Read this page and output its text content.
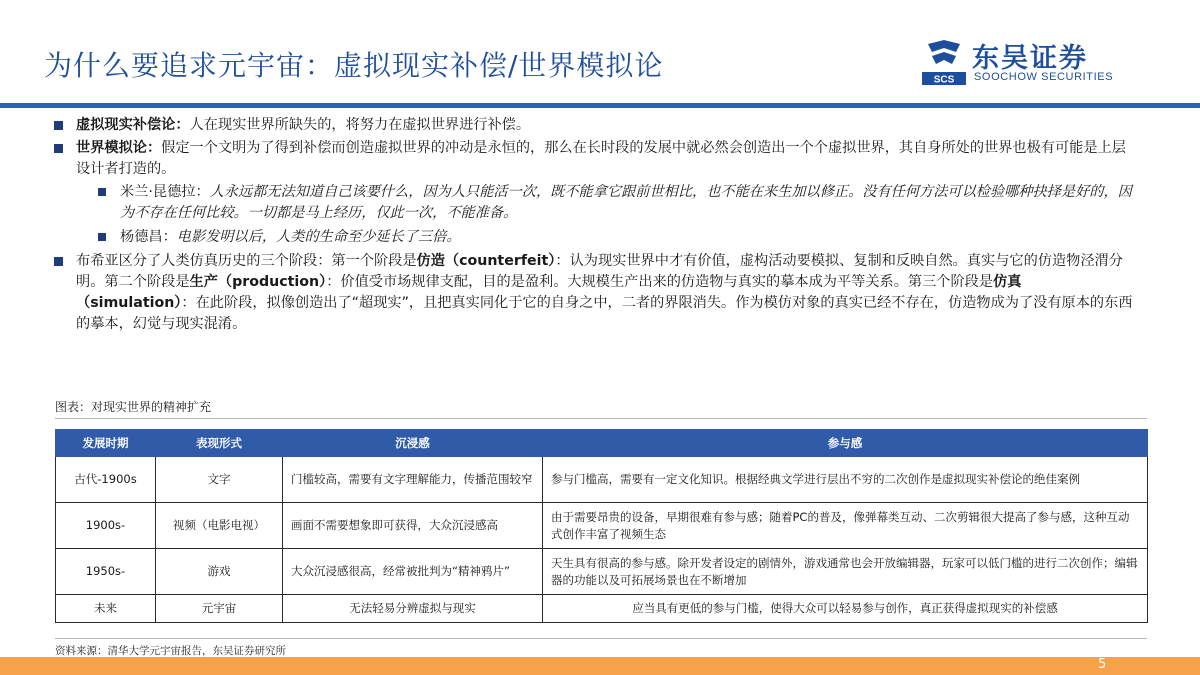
为什么要追求元宇宙：虚拟现实补偿/世界模拟论	SCS
东吴证券
SOOCHOW SECURITIES
虚拟现实补偿论：人在现实世界所缺失的，将努力在虚拟世界进行补偿。
世界模拟论：假定一个文明为了得到补偿而创造虚拟世界的冲动是永恒的，那么在长时段的发展中就必然会创造出一个个虚拟世界，其自身所处的世界也极有可能是上层设计者打造的。
米兰·昆德拉：人永远都无法知道自己该要什么，因为人只能活一次，既不能拿它跟前世相比，也不能在来生加以修正。没有任何方法可以检验哪种抉择是好的，因为不存在任何比较。一切都是马上经历，仅此一次，不能准备。
杨德昌：电影发明以后，人类的生命至少延长了三倍。
布希亚区分了人类仿真历史的三个阶段：第一个阶段是仿造（counterfeit）：认为现实世界中才有价值，虚构活动要模拟、复制和反映自然。真实与它的仿造物泾渭分明。第二个阶段是生产（production）：价值受市场规律支配，目的是盈利。大规模生产出来的仿造物与真实的摹本成为平等关系。第三个阶段是仿真（simulation）：在此阶段，拟像创造出了“超现实”，且把真实同化于它的自身之中，二者的界限消失。作为模仿对象的真实已经不存在，仿造物成为了没有原本的东西的摹本，幻觉与现实混淆。
图表：对现实世界的精神扩充
发展时期	表现形式	沉浸感	参与感
古代-1900s	文字	门槛较高，需要有文字理解能力，传播范围较窄	参与门槛高，需要有一定文化知识。根据经典文学进行层出不穷的二次创作是虚拟现实补偿论的绝佳案例
1900s-	视频（电影电视）	画面不需要想象即可获得，大众沉浸感高	由于需要昂贵的设备，早期很难有参与感；随着PC的普及，像弹幕类互动、二次剪辑很大提高了参与感，这种互动式创作丰富了视频生态
1950s-	游戏	大众沉浸感很高，经常被批判为“精神鸦片”	天生具有很高的参与感。除开发者设定的剧情外，游戏通常也会开放编辑器，玩家可以低门槛的进行二次创作；编辑器的功能以及可拓展场景也在不断增加
未来	元宇宙	无法轻易分辨虚拟与现实	应当具有更低的参与门槛，使得大众可以轻易参与创作，真正获得虚拟现实的补偿感
资料来源：清华大学元宇宙报告，东吴证券研究所
5
